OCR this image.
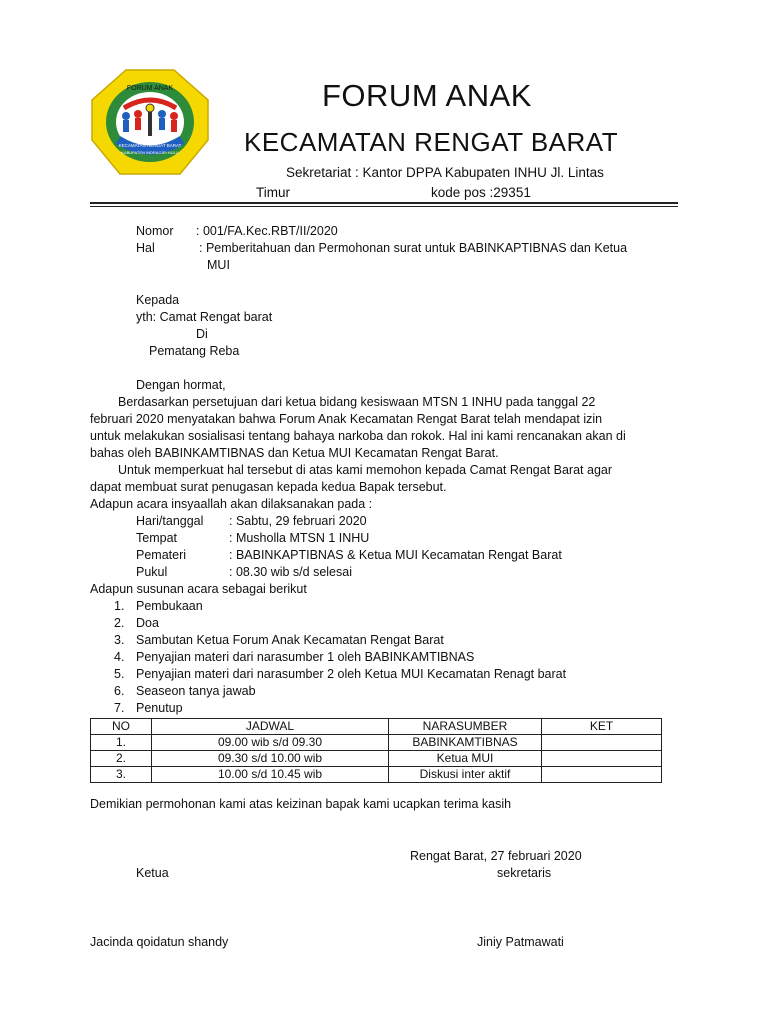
FORUM ANAK
KECAMATAN RENGAT BARAT
KABUPATEN INDRAGIRI HULU
FORUM ANAK
KECAMATAN RENGAT BARAT
Sekretariat : Kantor DPPA Kabupaten INHU Jl. Lintas
Timur	kode pos :29351
Nomor : 001/FA.Kec.RBT/II/2020
Hal	: Pemberitahuan dan Permohonan surat untuk BABINKAPTIBNAS dan Ketua
MUI
Kepada
yth: Camat Rengat barat
Di
Pematang Reba
Dengan hormat,
Berdasarkan persetujuan dari ketua bidang kesiswaan MTSN 1 INHU pada tanggal 22
februari 2020 menyatakan bahwa Forum Anak Kecamatan Rengat Barat telah mendapat izin
untuk melakukan sosialisasi tentang bahaya narkoba dan rokok. Hal ini kami rencanakan akan di
bahas oleh BABINKAMTIBNAS dan Ketua MUI Kecamatan Rengat Barat.
Untuk memperkuat hal tersebut di atas kami memohon kepada Camat Rengat Barat agar
dapat membuat surat penugasan kepada kedua Bapak tersebut.
Adapun acara insyaallah akan dilaksanakan pada :
Hari/tanggal : Sabtu, 29 februari 2020
Tempat	: Musholla MTSN 1 INHU
Pemateri	: BABINKAPTIBNAS & Ketua MUI Kecamatan Rengat Barat
Pukul	: 08.30 wib s/d selesai
Adapun susunan acara sebagai berikut
1. Pembukaan
2. Doa
3. Sambutan Ketua Forum Anak Kecamatan Rengat Barat
4. Penyajian materi dari narasumber 1 oleh BABINKAMTIBNAS
5. Penyajian materi dari narasumber 2 oleh Ketua MUI Kecamatan Renagt barat
6. Seaseon tanya jawab
7. Penutup
NO	JADWAL	NARASUMBER	KET
1.	09.00 wib s/d 09.30	BABINKAMTIBNAS	
2.	09.30 s/d 10.00 wib	Ketua MUI	
3.	10.00 s/d 10.45 wib	Diskusi inter aktif	
Demikian permohonan kami atas keizinan bapak kami ucapkan terima kasih
Rengat Barat, 27 februari 2020
Ketua	sekretaris
Jacinda qoidatun shandy	Jiniy Patmawati
